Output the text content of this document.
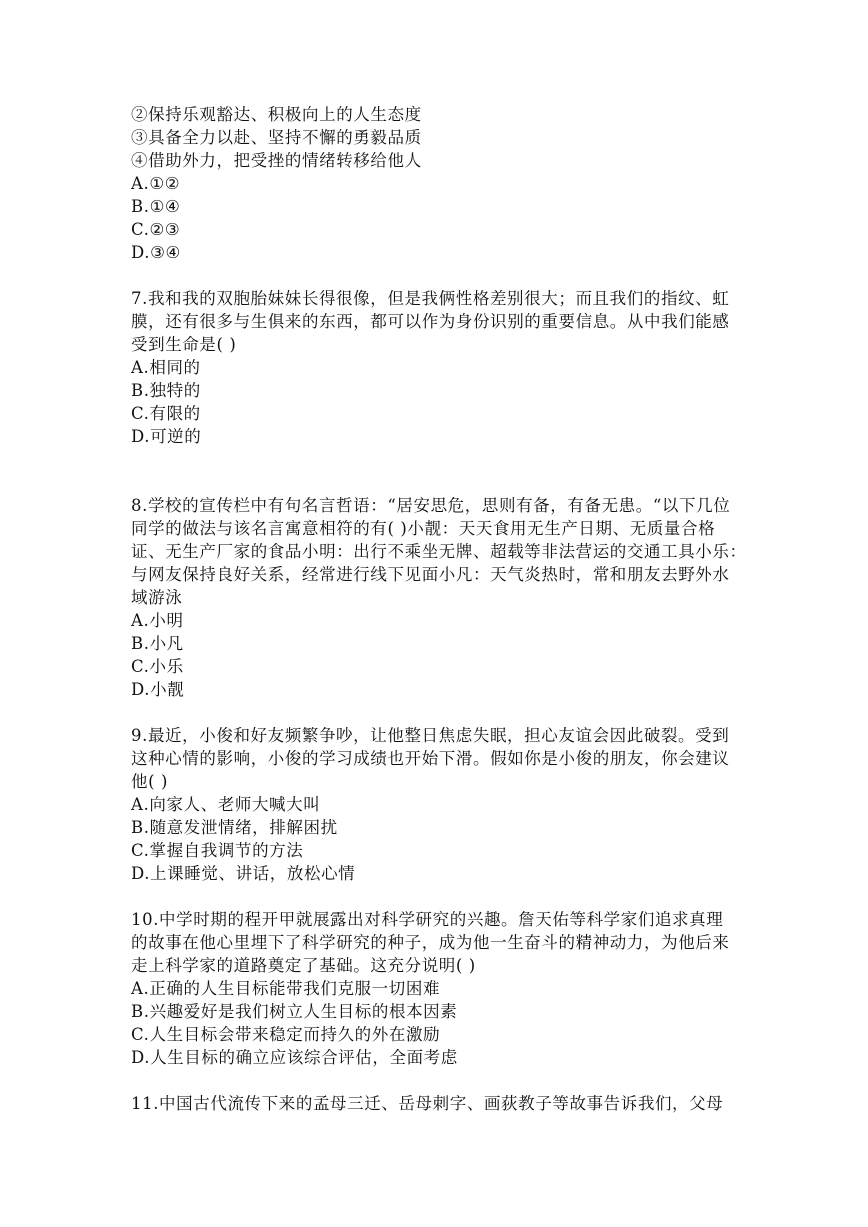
②保持乐观豁达、积极向上的人生态度
③具备全力以赴、坚持不懈的勇毅品质
④借助外力，把受挫的情绪转移给他人
A.①②
B.①④
C.②③
D.③④
7.我和我的双胞胎妹妹长得很像，但是我俩性格差别很大；而且我们的指纹、虹
膜，还有很多与生俱来的东西，都可以作为身份识别的重要信息。从中我们能感
受到生命是( )
A.相同的
B.独特的
C.有限的
D.可逆的
8.学校的宣传栏中有句名言哲语：“居安思危，思则有备，有备无患。“以下几位
同学的做法与该名言寓意相符的有( )小靓：天天食用无生产日期、无质量合格
证、无生产厂家的食品小明：出行不乘坐无牌、超载等非法营运的交通工具小乐：
与网友保持良好关系，经常进行线下见面小凡：天气炎热时，常和朋友去野外水
域游泳
A.小明
B.小凡
C.小乐
D.小靓
9.最近，小俊和好友频繁争吵，让他整日焦虑失眠，担心友谊会因此破裂。受到
这种心情的影响，小俊的学习成绩也开始下滑。假如你是小俊的朋友，你会建议
他( )
A.向家人、老师大喊大叫
B.随意发泄情绪，排解困扰
C.掌握自我调节的方法
D.上课睡觉、讲话，放松心情
10.中学时期的程开甲就展露出对科学研究的兴趣。詹天佑等科学家们追求真理
的故事在他心里埋下了科学研究的种子，成为他一生奋斗的精神动力，为他后来
走上科学家的道路奠定了基础。这充分说明( )
A.正确的人生目标能带我们克服一切困难
B.兴趣爱好是我们树立人生目标的根本因素
C.人生目标会带来稳定而持久的外在激励
D.人生目标的确立应该综合评估，全面考虑
11.中国古代流传下来的孟母三迁、岳母刺字、画荻教子等故事告诉我们，父母
